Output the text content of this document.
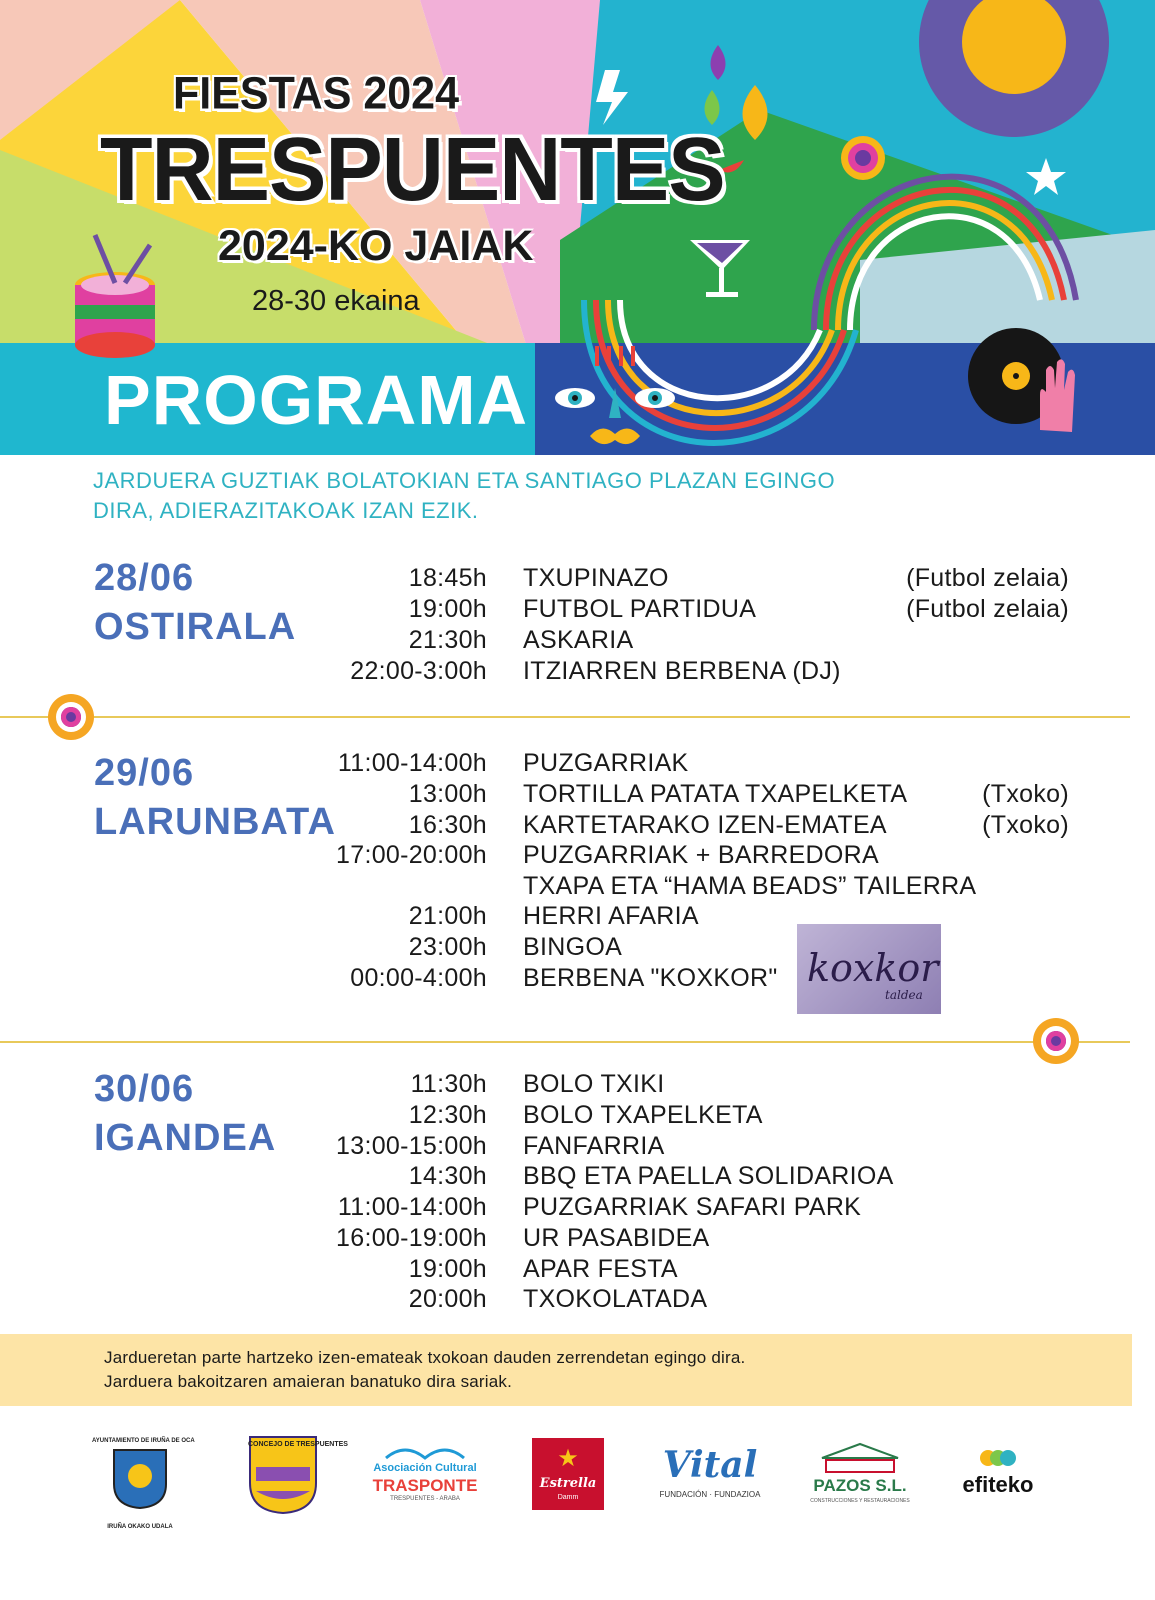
FIESTAS 2024
TRESPUENTES
2024-KO JAIAK
28-30 ekaina
PROGRAMA
JARDUERA GUZTIAK BOLATOKIAN ETA SANTIAGO PLAZAN EGINGO DIRA, ADIERAZITAKOAK IZAN EZIK.
28/06
OSTIRALA
18:45h TXUPINAZO	(Futbol zelaia)
19:00h FUTBOL PARTIDUA	(Futbol zelaia)
21:30h ASKARIA
22:00-3:00h ITZIARREN BERBENA (DJ)
29/06
LARUNBATA
11:00-14:00h PUZGARRIAK
13:00h TORTILLA PATATA TXAPELKETA	(Txoko)
16:30h KARTETARAKO IZEN-EMATEA	(Txoko)
17:00-20:00h PUZGARRIAK + BARREDORA
TXAPA ETA “HAMA BEADS” TAILERRA
21:00h HERRI AFARIA
23:00h BINGOA
00:00-4:00h BERBENA "KOXKOR" koxkor
taldea
30/06
IGANDEA
11:30h BOLO TXIKI
12:30h BOLO TXAPELKETA
13:00-15:00h FANFARRIA
14:30h BBQ ETA PAELLA SOLIDARIOA
11:00-14:00h PUZGARRIAK SAFARI PARK
16:00-19:00h UR PASABIDEA
19:00h APAR FESTA
20:00h TXOKOLATADA
Jardueretan parte hartzeko izen-emateak txokoan dauden zerrendetan egingo dira.
Jarduera bakoitzaren amaieran banatuko dira sariak.
AYUNTAMIENTO DE IRUÑA DE OCA
IRUÑA OKAKO UDALA
CONCEJO DE TRESPUENTES
Asociación Cultural
TRASPONTE
TRESPUENTES - ARABA
★
Estrella
Damm
Vital
FUNDACIÓN · FUNDAZIOA	PAZOS S.L.
CONSTRUCCIONES Y RESTAURACIONES
efiteko
